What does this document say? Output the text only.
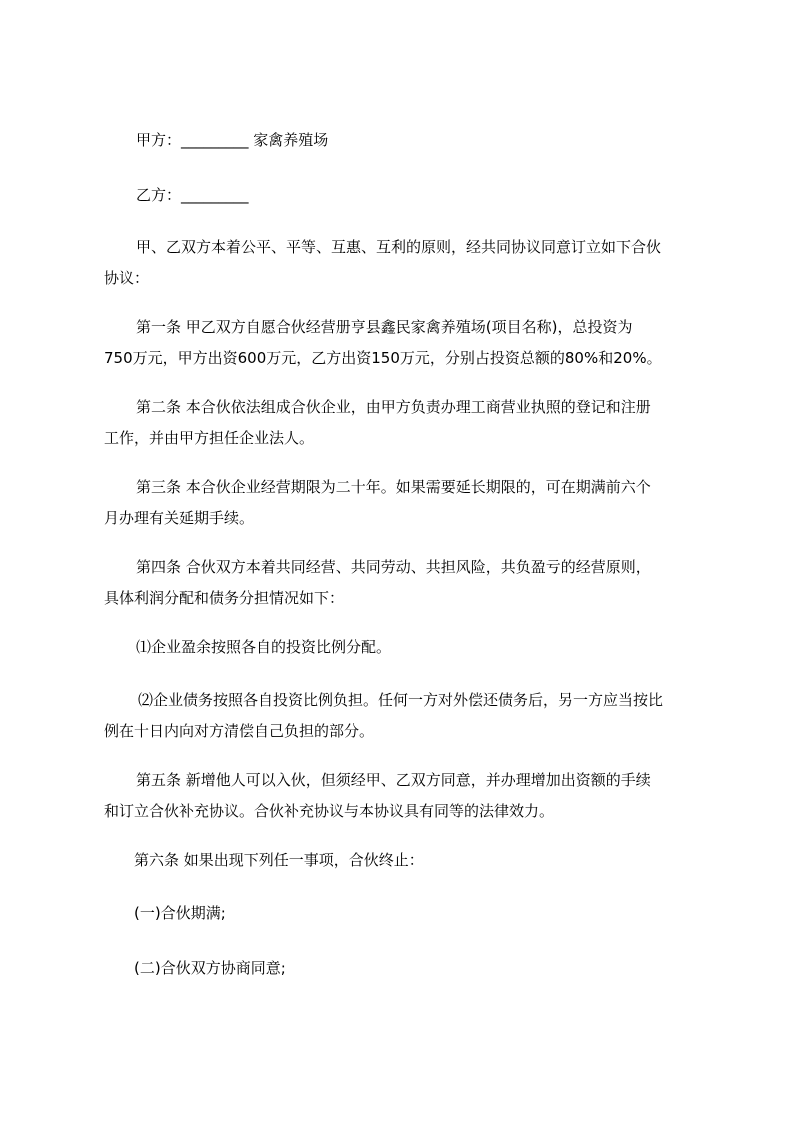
甲方：_________ 家禽养殖场
乙方：_________
甲、乙双方本着公平、平等、互惠、互利的原则，经共同协议同意订立如下合伙
协议：
第一条 甲乙双方自愿合伙经营册亨县鑫民家禽养殖场(项目名称)，总投资为
750万元，甲方出资600万元，乙方出资150万元，分别占投资总额的80%和20%。
第二条 本合伙依法组成合伙企业，由甲方负责办理工商营业执照的登记和注册
工作，并由甲方担任企业法人。
第三条 本合伙企业经营期限为二十年。如果需要延长期限的，可在期满前六个
月办理有关延期手续。
第四条 合伙双方本着共同经营、共同劳动、共担风险，共负盈亏的经营原则，
具体利润分配和债务分担情况如下：
⑴企业盈余按照各自的投资比例分配。
⑵企业债务按照各自投资比例负担。任何一方对外偿还债务后，另一方应当按比
例在十日内向对方清偿自己负担的部分。
第五条 新增他人可以入伙，但须经甲、乙双方同意，并办理增加出资额的手续
和订立合伙补充协议。合伙补充协议与本协议具有同等的法律效力。
第六条 如果出现下列任一事项，合伙终止：
(一)合伙期满;
(二)合伙双方协商同意;
